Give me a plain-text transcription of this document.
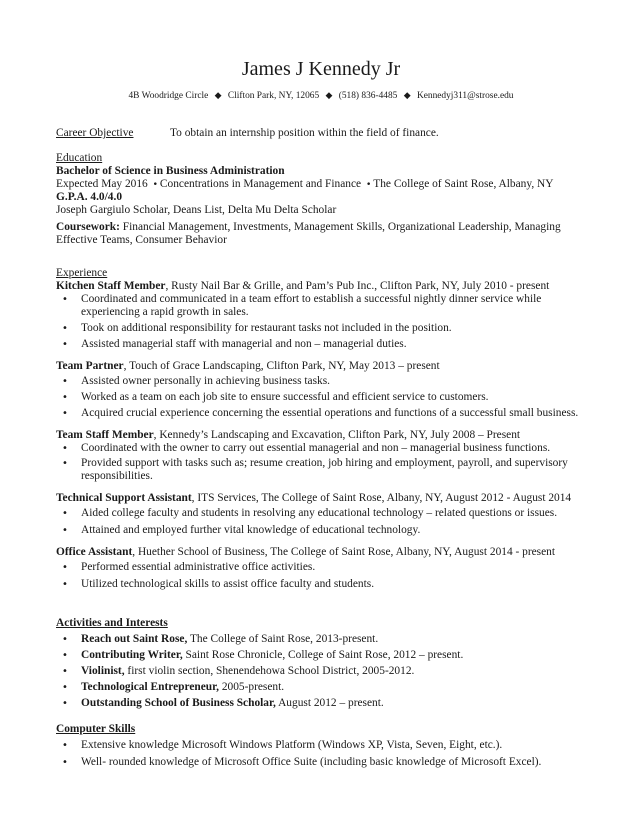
James J Kennedy Jr
4B Woodridge Circle ◆ Clifton Park, NY, 12065 ◆ (518) 836-4485 ◆ Kennedyj311@strose.edu
Career Objective	To obtain an internship position within the field of finance.
Education
Bachelor of Science in Business Administration
Expected May 2016 • Concentrations in Management and Finance • The College of Saint Rose, Albany, NY
G.P.A. 4.0/4.0
Joseph Gargiulo Scholar, Deans List, Delta Mu Delta Scholar
Coursework: Financial Management, Investments, Management Skills, Organizational Leadership, Managing
Effective Teams, Consumer Behavior
Experience
Kitchen Staff Member, Rusty Nail Bar & Grille, and Pam’s Pub Inc., Clifton Park, NY, July 2010 - present
• Coordinated and communicated in a team effort to establish a successful nightly dinner service while experiencing a rapid growth in sales.
• Took on additional responsibility for restaurant tasks not included in the position.
• Assisted managerial staff with managerial and non – managerial duties.
Team Partner, Touch of Grace Landscaping, Clifton Park, NY, May 2013 – present
• Assisted owner personally in achieving business tasks.
• Worked as a team on each job site to ensure successful and efficient service to customers.
• Acquired crucial experience concerning the essential operations and functions of a successful small business.
Team Staff Member, Kennedy’s Landscaping and Excavation, Clifton Park, NY, July 2008 – Present
• Coordinated with the owner to carry out essential managerial and non – managerial business functions.
• Provided support with tasks such as; resume creation, job hiring and employment, payroll, and supervisory responsibilities.
Technical Support Assistant, ITS Services, The College of Saint Rose, Albany, NY, August 2012 - August 2014
• Aided college faculty and students in resolving any educational technology – related questions or issues.
• Attained and employed further vital knowledge of educational technology.
Office Assistant, Huether School of Business, The College of Saint Rose, Albany, NY, August 2014 - present
• Performed essential administrative office activities.
• Utilized technological skills to assist office faculty and students.
Activities and Interests
• Reach out Saint Rose, The College of Saint Rose, 2013-present.
• Contributing Writer, Saint Rose Chronicle, College of Saint Rose, 2012 – present.
• Violinist, first violin section, Shenendehowa School District, 2005-2012.
• Technological Entrepreneur, 2005-present.
• Outstanding School of Business Scholar, August 2012 – present.
Computer Skills
• Extensive knowledge Microsoft Windows Platform (Windows XP, Vista, Seven, Eight, etc.).
• Well- rounded knowledge of Microsoft Office Suite (including basic knowledge of Microsoft Excel).
